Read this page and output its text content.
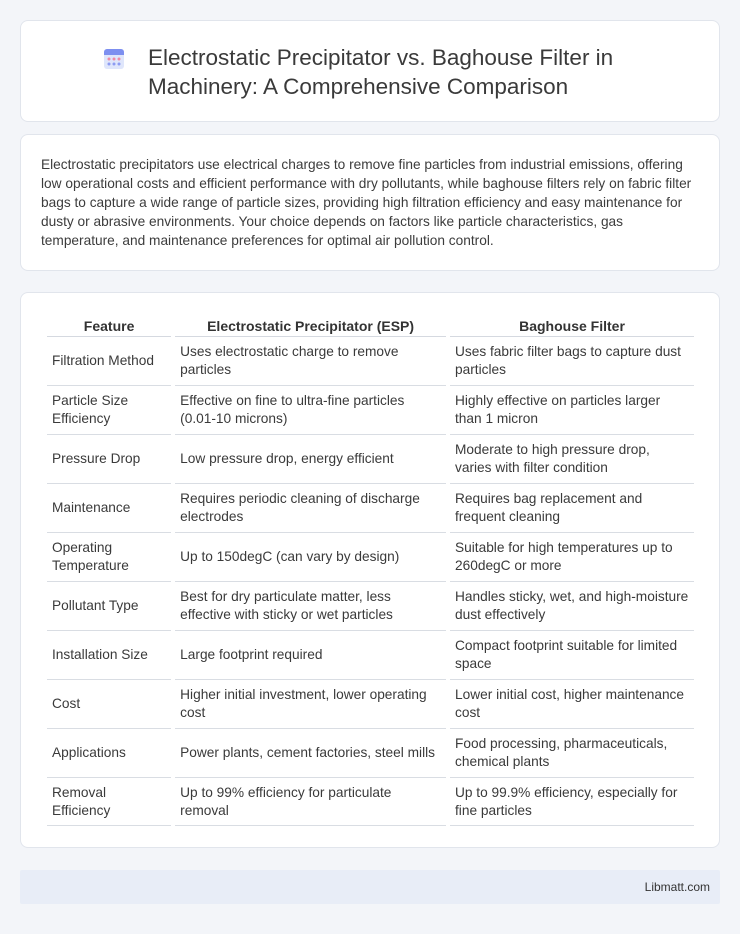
Electrostatic Precipitator vs. Baghouse Filter in
Machinery: A Comprehensive Comparison

Electrostatic precipitators use electrical charges to remove fine particles from industrial emissions, offering low operational costs and efficient performance with dry pollutants, while baghouse filters rely on fabric filter bags to capture a wide range of particle sizes, providing high filtration efficiency and easy maintenance for dusty or abrasive environments. Your choice depends on factors like particle characteristics, gas temperature, and maintenance preferences for optimal air pollution control.

Feature	Electrostatic Precipitator (ESP)	Baghouse Filter
Filtration Method	Uses electrostatic charge to remove particles	Uses fabric filter bags to capture dust particles
Particle Size Efficiency	Effective on fine to ultra-fine particles (0.01-10 microns)	Highly effective on particles larger than 1 micron
Pressure Drop	Low pressure drop, energy efficient	Moderate to high pressure drop, varies with filter condition
Maintenance	Requires periodic cleaning of discharge electrodes	Requires bag replacement and frequent cleaning
Operating Temperature	Up to 150degC (can vary by design)	Suitable for high temperatures up to 260degC or more
Pollutant Type	Best for dry particulate matter, less effective with sticky or wet particles	Handles sticky, wet, and high-moisture dust effectively
Installation Size	Large footprint required	Compact footprint suitable for limited space
Cost	Higher initial investment, lower operating cost	Lower initial cost, higher maintenance cost
Applications	Power plants, cement factories, steel mills	Food processing, pharmaceuticals, chemical plants
Removal Efficiency	Up to 99% efficiency for particulate removal	Up to 99.9% efficiency, especially for fine particles
Libmatt.com
